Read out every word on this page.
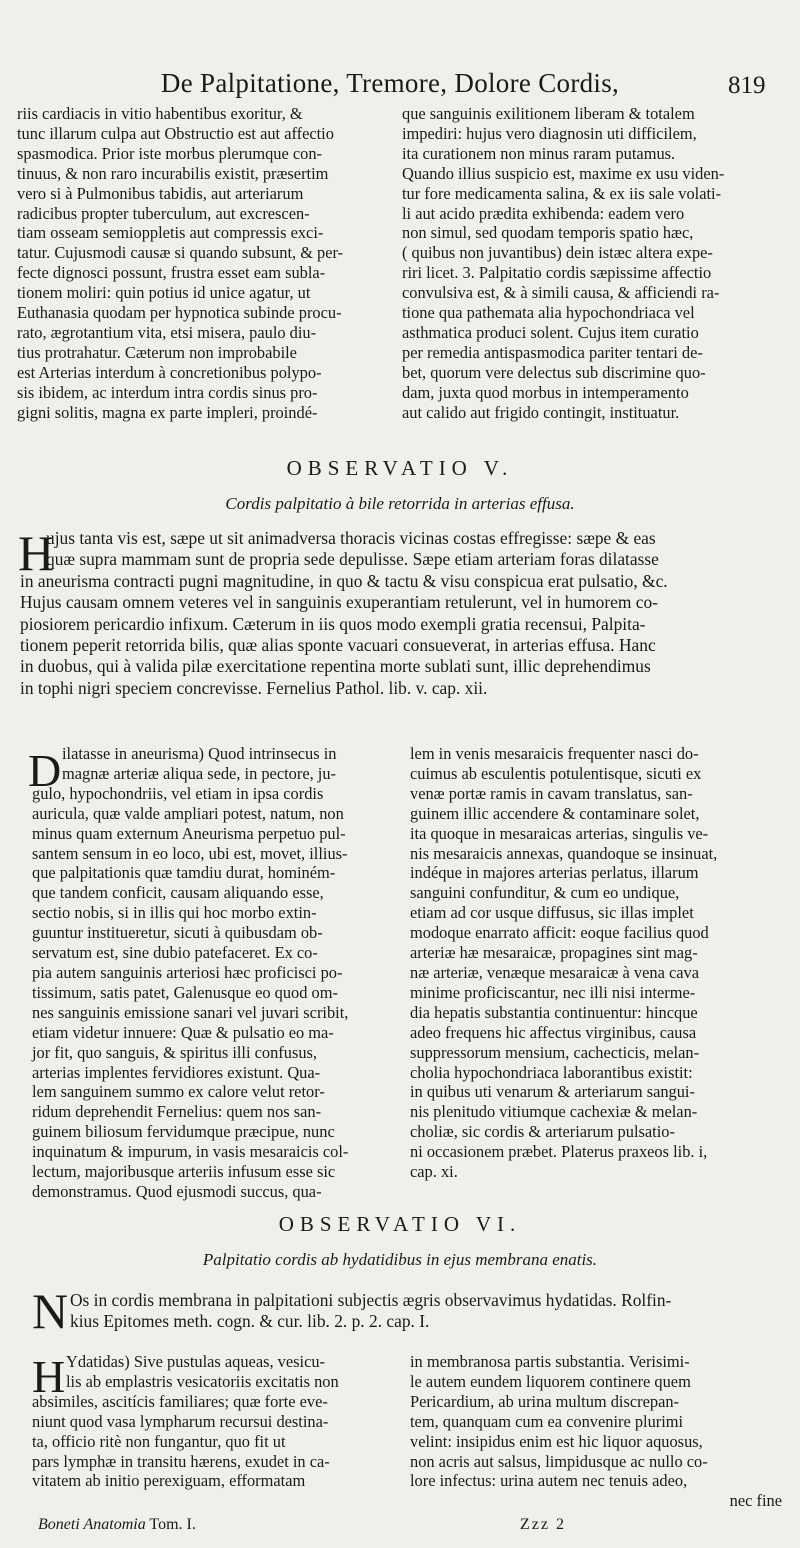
De Palpitatione, Tremore, Dolore Cordis,	819
riis cardiacis in vitio habentibus exoritur, &
tunc illarum culpa aut Obstructio est aut affectio
spasmodica. Prior iste morbus plerumque con-
tinuus, & non raro incurabilis existit, præsertim
vero si à Pulmonibus tabidis, aut arteriarum
radicibus propter tuberculum, aut excrescen-
tiam osseam semioppletis aut compressis exci-
tatur. Cujusmodi causæ si quando subsunt, & per-
fecte dignosci possunt, frustra esset eam subla-
tionem moliri: quin potius id unice agatur, ut
Euthanasia quodam per hypnotica subinde procu-
rato, ægrotantium vita, etsi misera, paulo diu-
tius protrahatur. Cæterum non improbabile
est Arterias interdum à concretionibus polypo-
sis ibidem, ac interdum intra cordis sinus pro-
gigni solitis, magna ex parte impleri, proindé-
que sanguinis exilitionem liberam & totalem
impediri: hujus vero diagnosin uti difficilem,
ita curationem non minus raram putamus.
Quando illius suspicio est, maxime ex usu viden-
tur fore medicamenta salina, & ex iis sale volati-
li aut acido prædita exhibenda: eadem vero
non simul, sed quodam temporis spatio hæc,
( quibus non juvantibus) dein istæc altera expe-
riri licet. 3. Palpitatio cordis sæpissime affectio
convulsiva est, & à simili causa, & afficiendi ra-
tione qua pathemata alia hypochondriaca vel
asthmatica produci solent. Cujus item curatio
per remedia antispasmodica pariter tentari de-
bet, quorum vere delectus sub discrimine quo-
dam, juxta quod morbus in intemperamento
aut calido aut frigido contingit, instituatur.
OBSERVATIO V.
Cordis palpitatio à bile retorrida in arterias effusa.
H
ujus tanta vis est, sæpe ut sit animadversa thoracis vicinas costas effregisse: sæpe & eas
quæ supra mammam sunt de propria sede depulisse. Sæpe etiam arteriam foras dilatasse
in aneurisma contracti pugni magnitudine, in quo & tactu & visu conspicua erat pulsatio, &c.
Hujus causam omnem veteres vel in sanguinis exuperantiam retulerunt, vel in humorem co-
piosiorem pericardio infixum. Cæterum in iis quos modo exempli gratia recensui, Palpita-
tionem peperit retorrida bilis, quæ alias sponte vacuari consueverat, in arterias effusa. Hanc
in duobus, qui à valida pilæ exercitatione repentina morte sublati sunt, illic deprehendimus
in tophi nigri speciem concrevisse. Fernelius Pathol. lib. v. cap. xii.
D ilatasse in aneurisma) Quod intrinsecus in
magnæ arteriæ aliqua sede, in pectore, ju-
gulo, hypochondriis, vel etiam in ipsa cordis
auricula, quæ valde ampliari potest, natum, non
minus quam externum Aneurisma perpetuo pul-
santem sensum in eo loco, ubi est, movet, illius-
que palpitationis quæ tamdiu durat, hominém-
que tandem conficit, causam aliquando esse,
sectio nobis, si in illis qui hoc morbo extin-
guuntur institueretur, sicuti à quibusdam ob-
servatum est, sine dubio patefaceret. Ex co-
pia autem sanguinis arteriosi hæc proficisci po-
tissimum, satis patet, Galenusque eo quod om-
nes sanguinis emissione sanari vel juvari scribit,
etiam videtur innuere: Quæ & pulsatio eo ma-
jor fit, quo sanguis, & spiritus illi confusus,
arterias implentes fervidiores existunt. Qua-
lem sanguinem summo ex calore velut retor-
ridum deprehendit Fernelius: quem nos san-
guinem biliosum fervidumque præcipue, nunc
inquinatum & impurum, in vasis mesaraicis col-
lectum, majoribusque arteriis infusum esse sic
demonstramus. Quod ejusmodi succus, qua-
lem in venis mesaraicis frequenter nasci do-
cuimus ab esculentis potulentisque, sicuti ex
venæ portæ ramis in cavam translatus, san-
guinem illic accendere & contaminare solet,
ita quoque in mesaraicas arterias, singulis ve-
nis mesaraicis annexas, quandoque se insinuat,
indéque in majores arterias perlatus, illarum
sanguini confunditur, & cum eo undique,
etiam ad cor usque diffusus, sic illas implet
modoque enarrato afficit: eoque facilius quod
arteriæ hæ mesaraicæ, propagines sint mag-
næ arteriæ, venæque mesaraicæ à vena cava
minime proficiscantur, nec illi nisi interme-
dia hepatis substantia continuentur: hincque
adeo frequens hic affectus virginibus, causa
suppressorum mensium, cachecticis, melan-
cholia hypochondriaca laborantibus existit:
in quibus uti venarum & arteriarum sangui-
nis plenitudo vitiumque cachexiæ & melan-
choliæ, sic cordis & arteriarum pulsatio-
ni occasionem præbet. Platerus praxeos lib. i,
cap. xi.
OBSERVATIO VI.
Palpitatio cordis ab hydatidibus in ejus membrana enatis.
N Os in cordis membrana in palpitationi subjectis ægris observavimus hydatidas. Rolfin-
kius Epitomes meth. cogn. & cur. lib. 2. p. 2. cap. I.
H Ydatidas) Sive pustulas aqueas, vesicu-
lis ab emplastris vesicatoriis excitatis non
absimiles, ascitícis familiares; quæ forte eve-
niunt quod vasa lympharum recursui destina-
ta, officio ritè non fungantur, quo fit ut
pars lymphæ in transitu hærens, exudet in ca-
vitatem ab initio perexiguam, efformatam
in membranosa partis substantia. Verisimi-
le autem eundem liquorem continere quem
Pericardium, ab urina multum discrepan-
tem, quanquam cum ea convenire plurimi
velint: insipidus enim est hic liquor aquosus,
non acris aut salsus, limpidusque ac nullo co-
lore infectus: urina autem nec tenuis adeo,
nec fine
Boneti Anatomia Tom. I.	Zzz 2
